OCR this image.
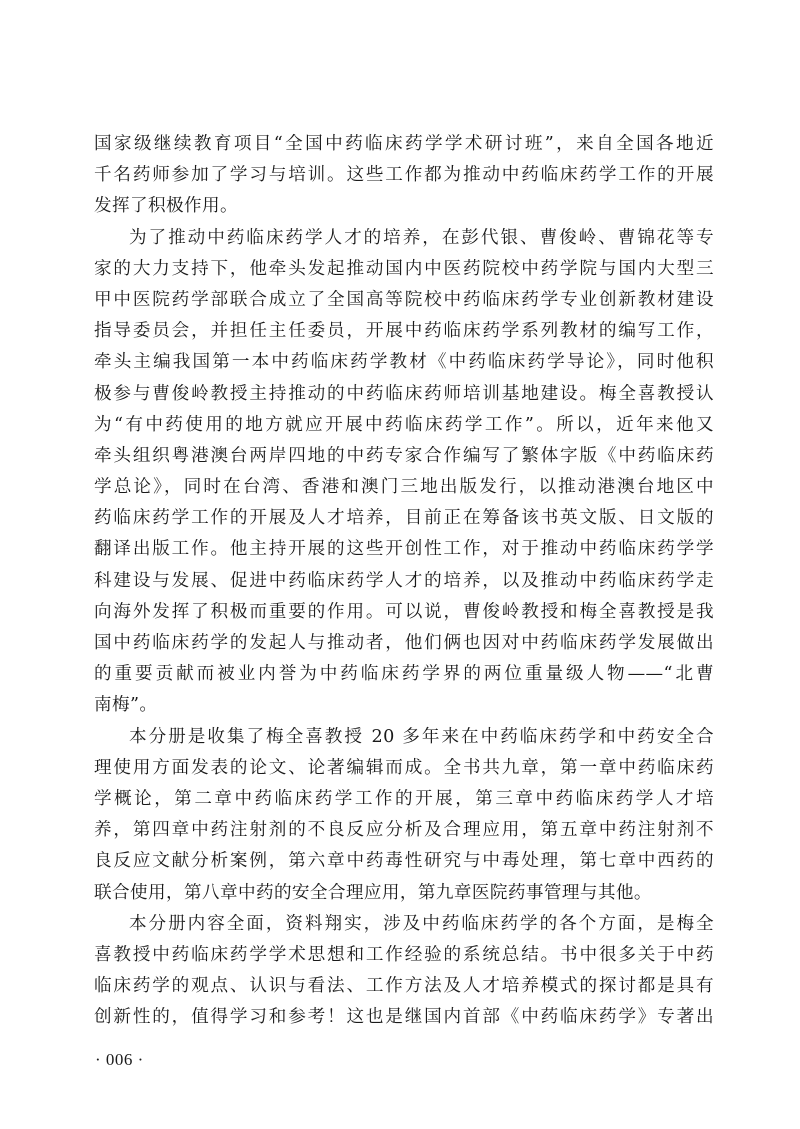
国家级继续教育项目“全国中药临床药学学术研讨班”，来自全国各地近
千名药师参加了学习与培训。这些工作都为推动中药临床药学工作的开展
发挥了积极作用。
为了推动中药临床药学人才的培养，在彭代银、曹俊岭、曹锦花等专
家的大力支持下，他牵头发起推动国内中医药院校中药学院与国内大型三
甲中医院药学部联合成立了全国高等院校中药临床药学专业创新教材建设
指导委员会，并担任主任委员，开展中药临床药学系列教材的编写工作，
牵头主编我国第一本中药临床药学教材《中药临床药学导论》，同时他积
极参与曹俊岭教授主持推动的中药临床药师培训基地建设。梅全喜教授认
为“有中药使用的地方就应开展中药临床药学工作”。所以，近年来他又
牵头组织粤港澳台两岸四地的中药专家合作编写了繁体字版《中药临床药
学总论》，同时在台湾、香港和澳门三地出版发行，以推动港澳台地区中
药临床药学工作的开展及人才培养，目前正在筹备该书英文版、日文版的
翻译出版工作。他主持开展的这些开创性工作，对于推动中药临床药学学
科建设与发展、促进中药临床药学人才的培养，以及推动中药临床药学走
向海外发挥了积极而重要的作用。可以说，曹俊岭教授和梅全喜教授是我
国中药临床药学的发起人与推动者，他们俩也因对中药临床药学发展做出
的重要贡献而被业内誉为中药临床药学界的两位重量级人物——“北曹
南梅”。
本分册是收集了梅全喜教授 20 多年来在中药临床药学和中药安全合
理使用方面发表的论文、论著编辑而成。全书共九章，第一章中药临床药
学概论，第二章中药临床药学工作的开展，第三章中药临床药学人才培
养，第四章中药注射剂的不良反应分析及合理应用，第五章中药注射剂不
良反应文献分析案例，第六章中药毒性研究与中毒处理，第七章中西药的
联合使用，第八章中药的安全合理应用，第九章医院药事管理与其他。
本分册内容全面，资料翔实，涉及中药临床药学的各个方面，是梅全
喜教授中药临床药学学术思想和工作经验的系统总结。书中很多关于中药
临床药学的观点、认识与看法、工作方法及人才培养模式的探讨都是具有
创新性的，值得学习和参考！这也是继国内首部《中药临床药学》专著出
· 006 ·
